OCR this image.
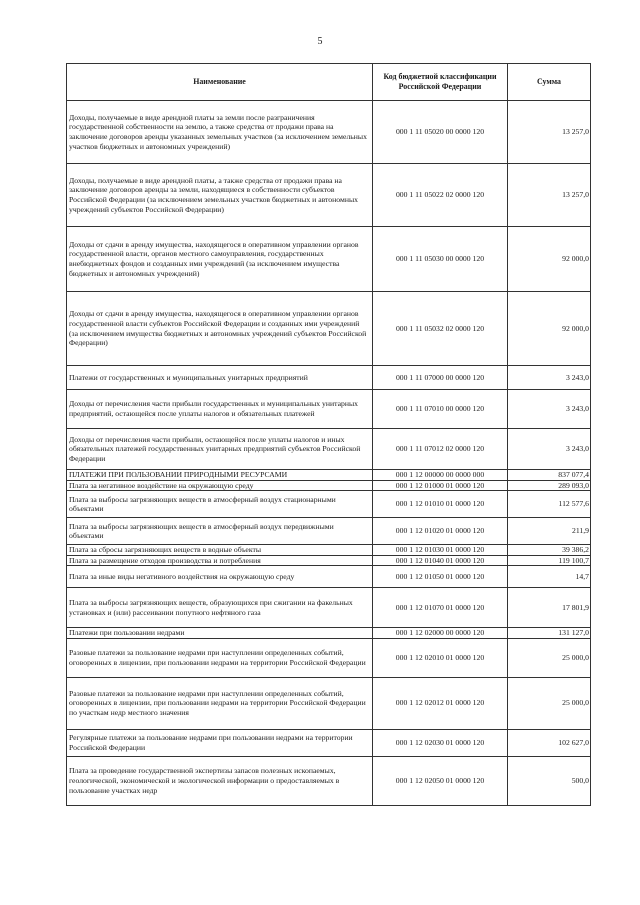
5
Наименование	Код бюджетной классификации Российской Федерации	Сумма
Доходы, получаемые в виде арендной платы за земли после разграничения государственной собственности на землю, а также средства от продажи права на заключение договоров аренды указанных земельных участков (за исключением земельных участков бюджетных и автономных учреждений)	000 1 11 05020 00 0000 120	13 257,0
Доходы, получаемые в виде арендной платы, а также средства от продажи права на заключение договоров аренды за земли, находящиеся в собственности субъектов Российской Федерации (за исключением земельных участков бюджетных и автономных учреждений субъектов Российской Федерации)	000 1 11 05022 02 0000 120	13 257,0
Доходы от сдачи в аренду имущества, находящегося в оперативном управлении органов государственной власти, органов местного самоуправления, государственных внебюджетных фондов и созданных ими учреждений (за исключением имущества бюджетных и автономных учреждений)	000 1 11 05030 00 0000 120	92 000,0
Доходы от сдачи в аренду имущества, находящегося в оперативном управлении органов государственной власти субъектов Российской Федерации и созданных ими учреждений (за исключением имущества бюджетных и автономных учреждений субъектов Российской Федерации)	000 1 11 05032 02 0000 120	92 000,0
Платежи от государственных и муниципальных унитарных предприятий	000 1 11 07000 00 0000 120	3 243,0
Доходы от перечисления части прибыли государственных и муниципальных унитарных предприятий, остающейся после уплаты налогов и обязательных платежей	000 1 11 07010 00 0000 120	3 243,0
Доходы от перечисления части прибыли, остающейся после уплаты налогов и иных обязательных платежей государственных унитарных предприятий субъектов Российской Федерации	000 1 11 07012 02 0000 120	3 243,0
ПЛАТЕЖИ ПРИ ПОЛЬЗОВАНИИ ПРИРОДНЫМИ РЕСУРСАМИ	000 1 12 00000 00 0000 000	837 077,4
Плата за негативное воздействие на окружающую среду	000 1 12 01000 01 0000 120	289 093,0
Плата за выбросы загрязняющих веществ в атмосферный воздух стационарными объектами	000 1 12 01010 01 0000 120	112 577,6
Плата за выбросы загрязняющих веществ в атмосферный воздух передвижными объектами	000 1 12 01020 01 0000 120	211,9
Плата за сбросы загрязняющих веществ в водные объекты	000 1 12 01030 01 0000 120	39 386,2
Плата за размещение отходов производства и потребления	000 1 12 01040 01 0000 120	119 100,7
Плата за иные виды негативного воздействия на окружающую среду	000 1 12 01050 01 0000 120	14,7
Плата за выбросы загрязняющих веществ, образующихся при сжигании на факельных установках и (или) рассеивании попутного нефтяного газа	000 1 12 01070 01 0000 120	17 801,9
Платежи при пользовании недрами	000 1 12 02000 00 0000 120	131 127,0
Разовые платежи за пользование недрами при наступлении определенных событий, оговоренных в лицензии, при пользовании недрами на территории Российской Федерации	000 1 12 02010 01 0000 120	25 000,0
Разовые платежи за пользование недрами при наступлении определенных событий, оговоренных в лицензии, при пользовании недрами на территории Российской Федерации по участкам недр местного значения	000 1 12 02012 01 0000 120	25 000,0
Регулярные платежи за пользование недрами при пользовании недрами на территории Российской Федерации	000 1 12 02030 01 0000 120	102 627,0
Плата за проведение государственной экспертизы запасов полезных ископаемых, геологической, экономической и экологической информации о предоставляемых в пользование участках недр	000 1 12 02050 01 0000 120	500,0
